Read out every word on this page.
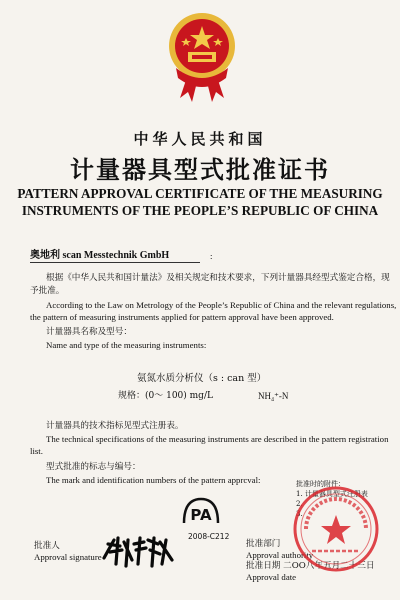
中华人民共和国
计量器具型式批准证书
PATTERN APPROVAL CERTIFICATE OF THE MEASURING
INSTRUMENTS OF THE PEOPLE’S REPUBLIC OF CHINA
奥地利 scan Messtechnik GmbH	:
根据《中华人民共和国计量法》及相关规定和技术要求，下列计量器具经型式鉴定合格，现
予批准。
According to the Law on Metrology of the People’s Republic of China and the relevant regulations,
the pattern of measuring instruments applied for pattern approval have been approved.
计量器具名称及型号：
Name and type of the measuring instruments:
氨氮水质分析仪（s : can 型）
规格：(0～ 100) mg/L	NH₄⁺-N
计量器具的技术指标见型式注册表。
The technical specifications of the measuring instruments are described in the pattern registration
list.
型式批准的标志与编号：
The mark and identification numbers of the pattern apprcval:
PA
2008-C212
批准人
Approval signature
批准部门
Approval authority
批准日期 二OO八年五月二十三日
Approval date
批准时的附件：
1. 计量器具型式注册表
2.
3.
